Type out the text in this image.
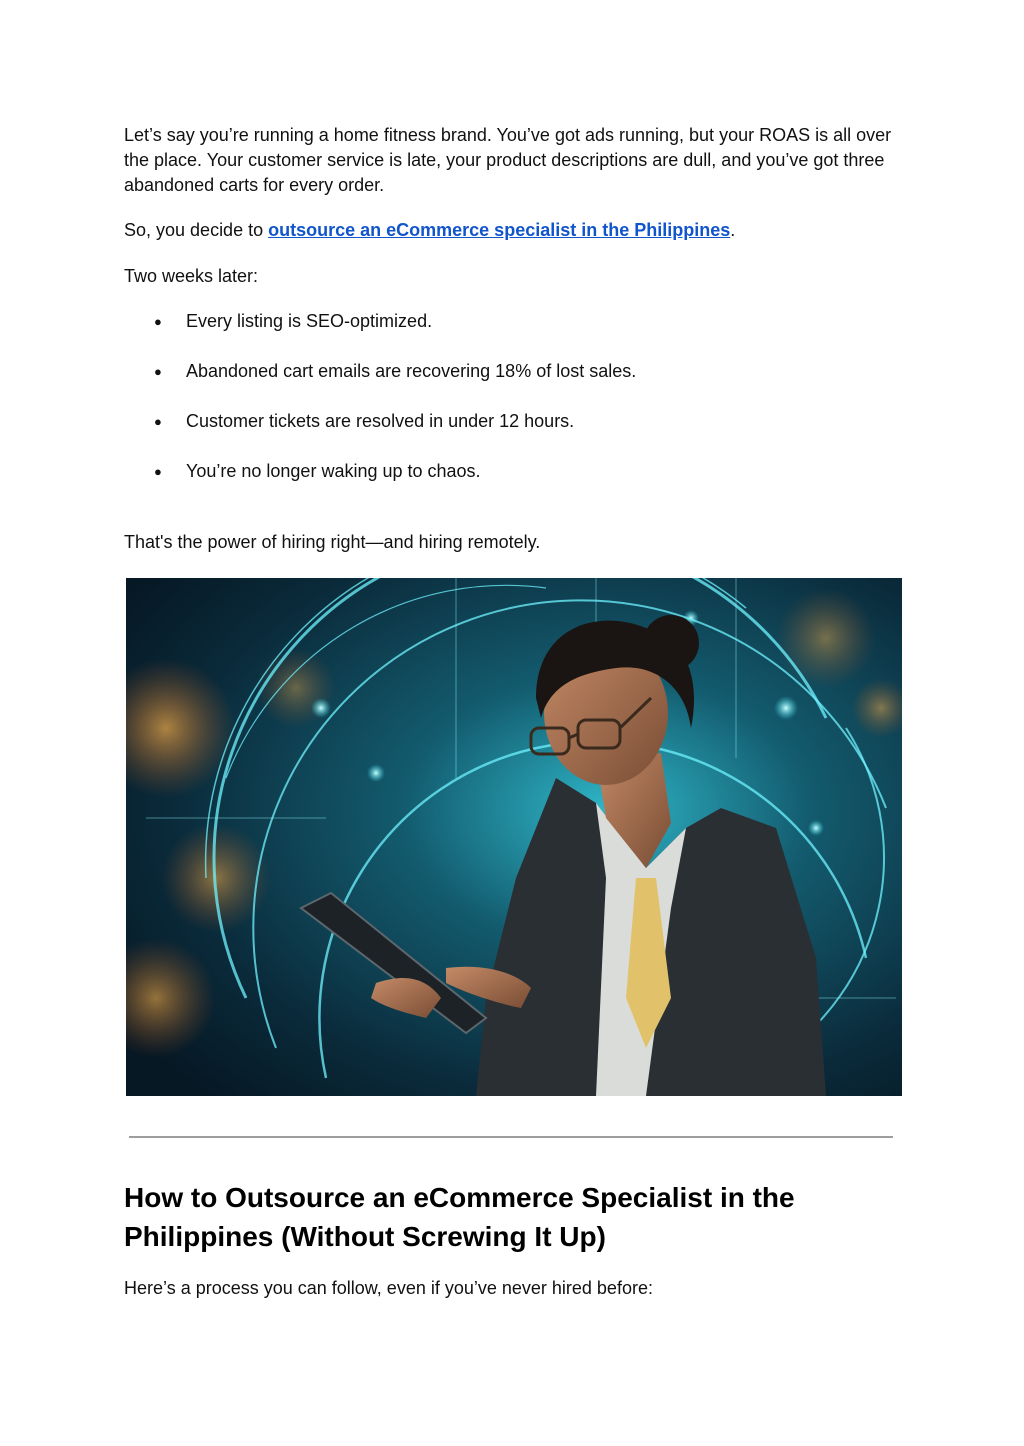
Let’s say you’re running a home fitness brand. You’ve got ads running, but your ROAS is all over the place. Your customer service is late, your product descriptions are dull, and you’ve got three abandoned carts for every order.

So, you decide to outsource an eCommerce specialist in the Philippines.

Two weeks later:

● Every listing is SEO-optimized.
● Abandoned cart emails are recovering 18% of lost sales.
● Customer tickets are resolved in under 12 hours.
● You’re no longer waking up to chaos.

That's the power of hiring right—and hiring remotely.

How to Outsource an eCommerce Specialist in the Philippines (Without Screwing It Up)

Here’s a process you can follow, even if you’ve never hired before:
